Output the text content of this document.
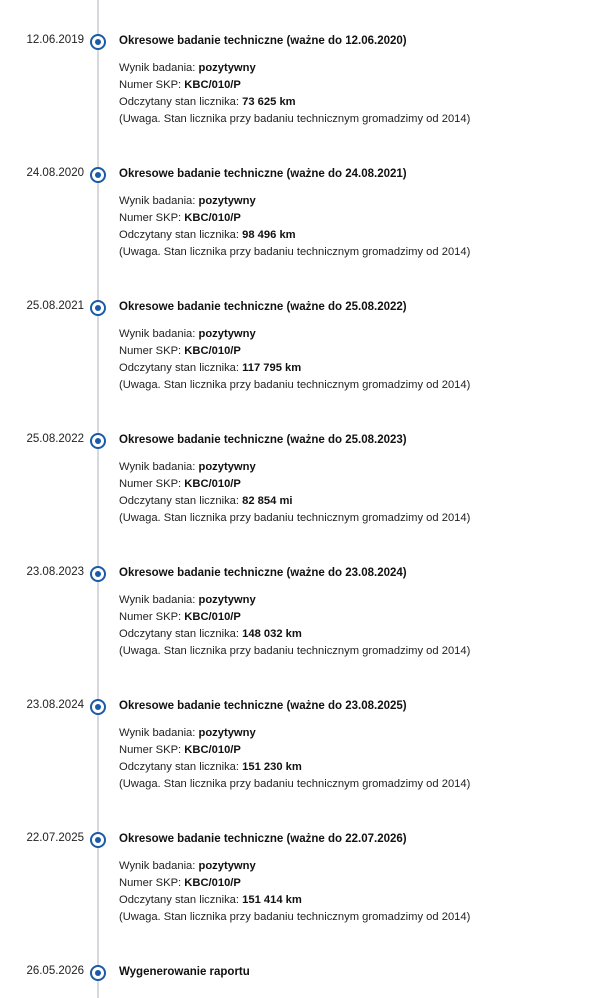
12.06.2019	Okresowe badanie techniczne (ważne do 12.06.2020)
Wynik badania: pozytywny
Numer SKP: KBC/010/P
Odczytany stan licznika: 73 625 km
(Uwaga. Stan licznika przy badaniu technicznym gromadzimy od 2014)
24.08.2020	Okresowe badanie techniczne (ważne do 24.08.2021)
Wynik badania: pozytywny
Numer SKP: KBC/010/P
Odczytany stan licznika: 98 496 km
(Uwaga. Stan licznika przy badaniu technicznym gromadzimy od 2014)
25.08.2021	Okresowe badanie techniczne (ważne do 25.08.2022)
Wynik badania: pozytywny
Numer SKP: KBC/010/P
Odczytany stan licznika: 117 795 km
(Uwaga. Stan licznika przy badaniu technicznym gromadzimy od 2014)
25.08.2022	Okresowe badanie techniczne (ważne do 25.08.2023)
Wynik badania: pozytywny
Numer SKP: KBC/010/P
Odczytany stan licznika: 82 854 mi
(Uwaga. Stan licznika przy badaniu technicznym gromadzimy od 2014)
23.08.2023	Okresowe badanie techniczne (ważne do 23.08.2024)
Wynik badania: pozytywny
Numer SKP: KBC/010/P
Odczytany stan licznika: 148 032 km
(Uwaga. Stan licznika przy badaniu technicznym gromadzimy od 2014)
23.08.2024	Okresowe badanie techniczne (ważne do 23.08.2025)
Wynik badania: pozytywny
Numer SKP: KBC/010/P
Odczytany stan licznika: 151 230 km
(Uwaga. Stan licznika przy badaniu technicznym gromadzimy od 2014)
22.07.2025	Okresowe badanie techniczne (ważne do 22.07.2026)
Wynik badania: pozytywny
Numer SKP: KBC/010/P
Odczytany stan licznika: 151 414 km
(Uwaga. Stan licznika przy badaniu technicznym gromadzimy od 2014)
26.05.2026	Wygenerowanie raportu
